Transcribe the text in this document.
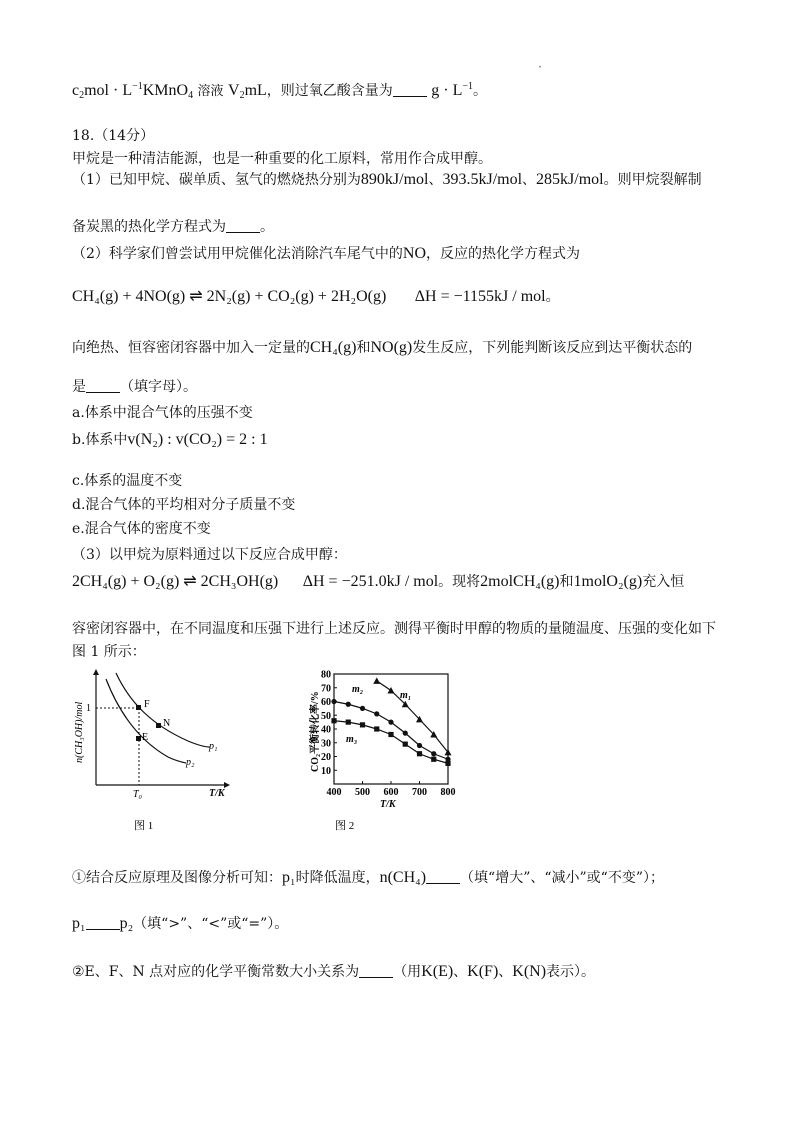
·
$c_2mol$ · $L^{-1}KMnO_4$ 溶液 $V_2mL$，则过氧乙酸含量为 $g \cdot L^{-1}$。
18.（14分）
甲烷是一种清洁能源，也是一种重要的化工原料，常用作合成甲醇。
（1）已知甲烷、碳单质、氢气的燃烧热分别为890kJ/mol、393.5kJ/mol、285kJ/mol。则甲烷裂解制
备炭黑的热化学方程式为 。
（2）科学家们曾尝试用甲烷催化法消除汽车尾气中的NO，反应的热化学方程式为
CH₄(g) + 4NO(g) ⇌ 2N₂(g) + CO₂(g) + 2H₂O(g) ΔH = −1155kJ / mol。
向绝热、恒容密闭容器中加入一定量的CH₄(g)和NO(g)发生反应，下列能判断该反应到达平衡状态的
是 （填字母）。
a.体系中混合气体的压强不变
b.体系中v(N₂) : v(CO₂) = 2 : 1
c.体系的温度不变
d.混合气体的平均相对分子质量不变
e.混合气体的密度不变
（3）以甲烷为原料通过以下反应合成甲醇：
2CH₄(g) + O₂(g) ⇌ 2CH₃OH(g) ΔH = −251.0kJ / mol。现将2molCH₄(g)和1molO₂(g)充入恒
容密闭容器中，在不同温度和压强下进行上述反应。测得平衡时甲醇的物质的量随温度、压强的变化如下
图 1 所示：
F
N
E
p₁
p₂
1
T₀	T/K
n(CH₃OH)/mol
图 1
400 500 600 700 800
10
20
30
40
50
60
70
80
m₁
m₂
m₃
CO₂平衡转化率/%
T/K
图 2
①结合反应原理及图像分析可知：p₁时降低温度，n(CH₄) （填“增大”、“减小”或“不变”）；
p₁ p₂（填“>”、“<”或“=”）。
②E、F、N 点对应的化学平衡常数大小关系为 （用K(E)、K(F)、K(N)表示）。
